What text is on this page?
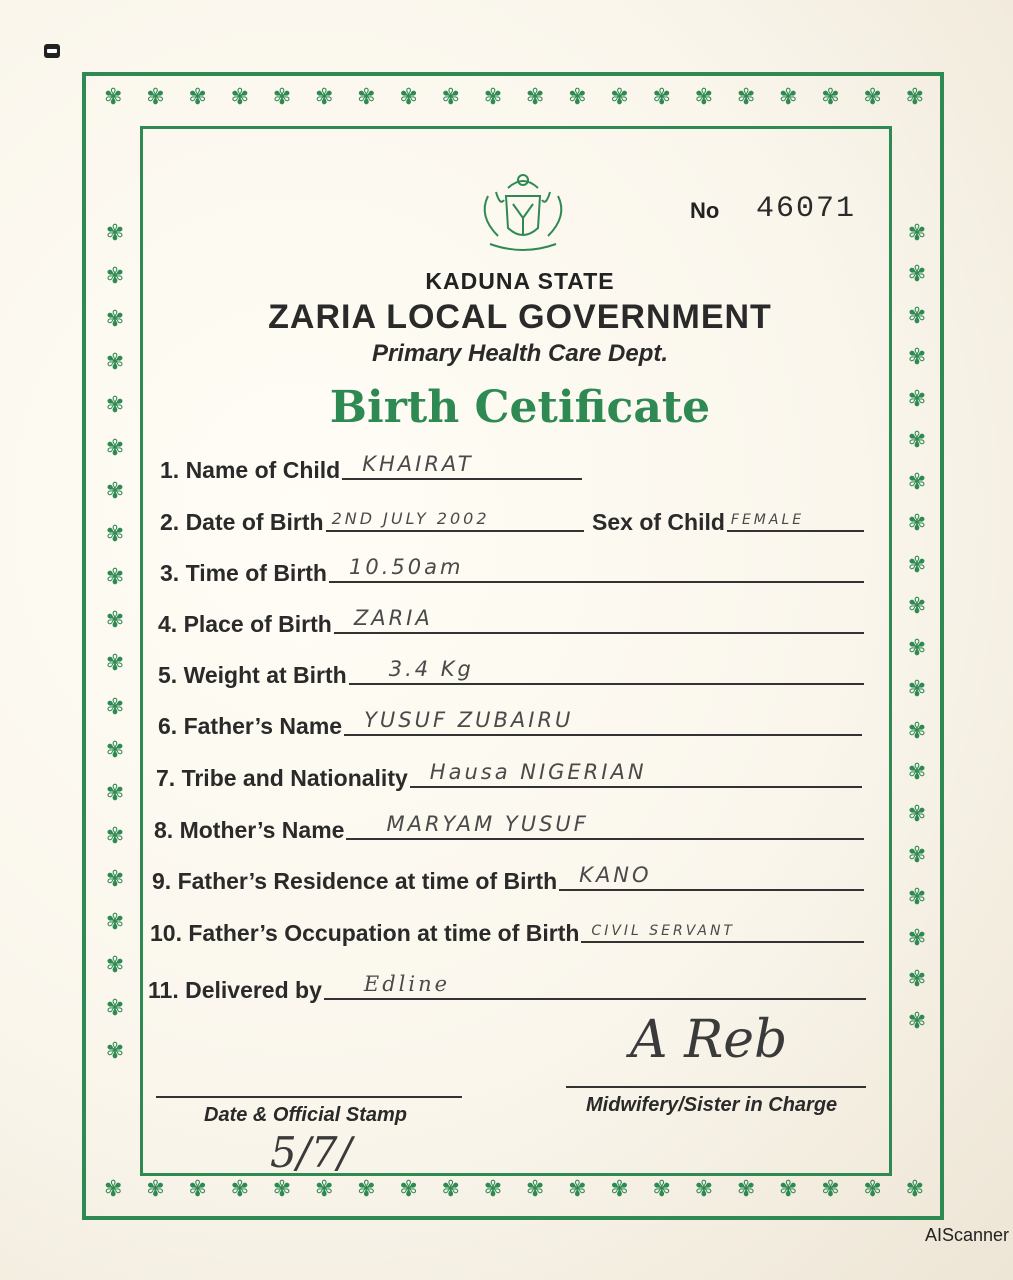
✾ ✾ ✾ ✾ ✾ ✾ ✾ ✾ ✾ ✾ ✾ ✾ ✾ ✾ ✾ ✾ ✾ ✾ ✾ ✾
✾ ✾ ✾ ✾ ✾ ✾ ✾ ✾ ✾ ✾ ✾ ✾ ✾ ✾ ✾ ✾ ✾ ✾ ✾ ✾
✾
✾
✾
✾
✾
✾
✾
✾
✾
✾
✾
✾
✾
✾
✾
✾
✾
✾
✾
✾
✾
✾
✾
✾
✾
✾
✾
✾
✾
✾
✾
✾
✾
✾
✾
✾
✾
✾
✾
✾
No 46071
KADUNA STATE
ZARIA LOCAL GOVERNMENT
Primary Health Care Dept.
Birth Cetificate
1. Name of Child KHAIRAT
2. Date of Birth 2ND JULY 2002	Sex of Child FEMALE
3. Time of Birth 10.50am
4. Place of Birth ZARIA
5. Weight at Birth 3.4 Kg
6. Father’s Name YUSUF ZUBAIRU
7. Tribe and Nationality Hausa NIGERIAN
8. Mother’s Name MARYAM YUSUF
9. Father’s Residence at time of Birth KANO
10. Father’s Occupation at time of Birth CIVIL SERVANT
11. Delivered by Edline
A Reb
Date & Official Stamp	Midwifery/Sister in Charge
5/7/
AIScanner
